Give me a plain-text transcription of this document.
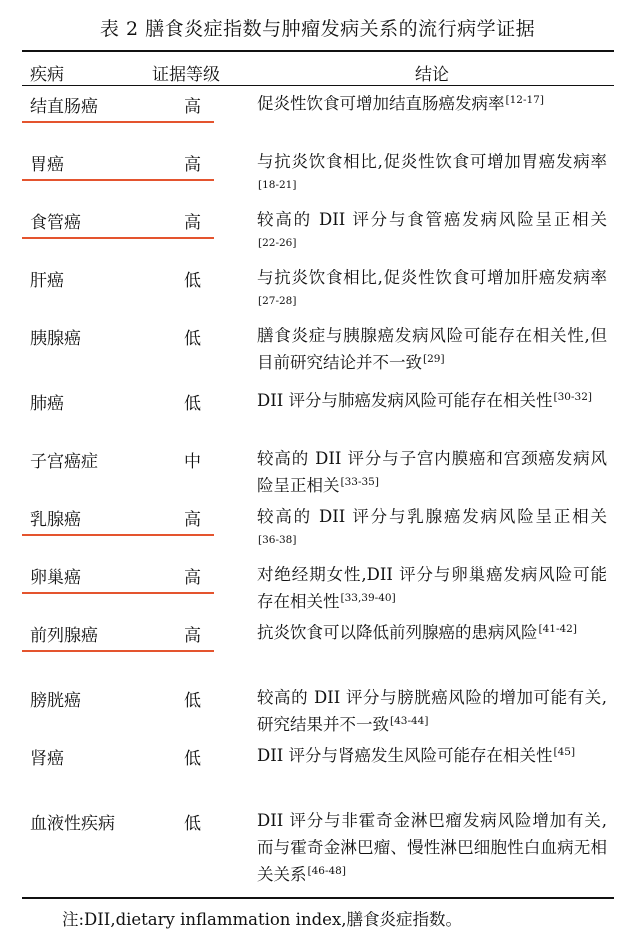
表 2 膳食炎症指数与肿瘤发病关系的流行病学证据
疾病	证据等级	结论
结直肠癌	高	促炎性饮食可增加结直肠癌发病率[12-17]
胃癌	高	与抗炎饮食相比,促炎性饮食可增加胃癌发病率[18-21]
食管癌	高	较高的 DII 评分与食管癌发病风险呈正相关[22-26]
肝癌	低	与抗炎饮食相比,促炎性饮食可增加肝癌发病率[27-28]
胰腺癌	低	膳食炎症与胰腺癌发病风险可能存在相关性,但目前研究结论并不一致[29]
肺癌	低	DII 评分与肺癌发病风险可能存在相关性[30-32]
子宫癌症	中	较高的 DII 评分与子宫内膜癌和宫颈癌发病风险呈正相关[33-35]
乳腺癌	高	较高的 DII 评分与乳腺癌发病风险呈正相关[36-38]
卵巢癌	高	对绝经期女性,DII 评分与卵巢癌发病风险可能存在相关性[33,39-40]
前列腺癌	高	抗炎饮食可以降低前列腺癌的患病风险[41-42]
膀胱癌	低	较高的 DII 评分与膀胱癌风险的增加可能有关,研究结果并不一致[43-44]
肾癌	低	DII 评分与肾癌发生风险可能存在相关性[45]
血液性疾病	低	DII 评分与非霍奇金淋巴瘤发病风险增加有关,而与霍奇金淋巴瘤、慢性淋巴细胞性白血病无相关关系[46-48]
注:DII,dietary inflammation index,膳食炎症指数。
